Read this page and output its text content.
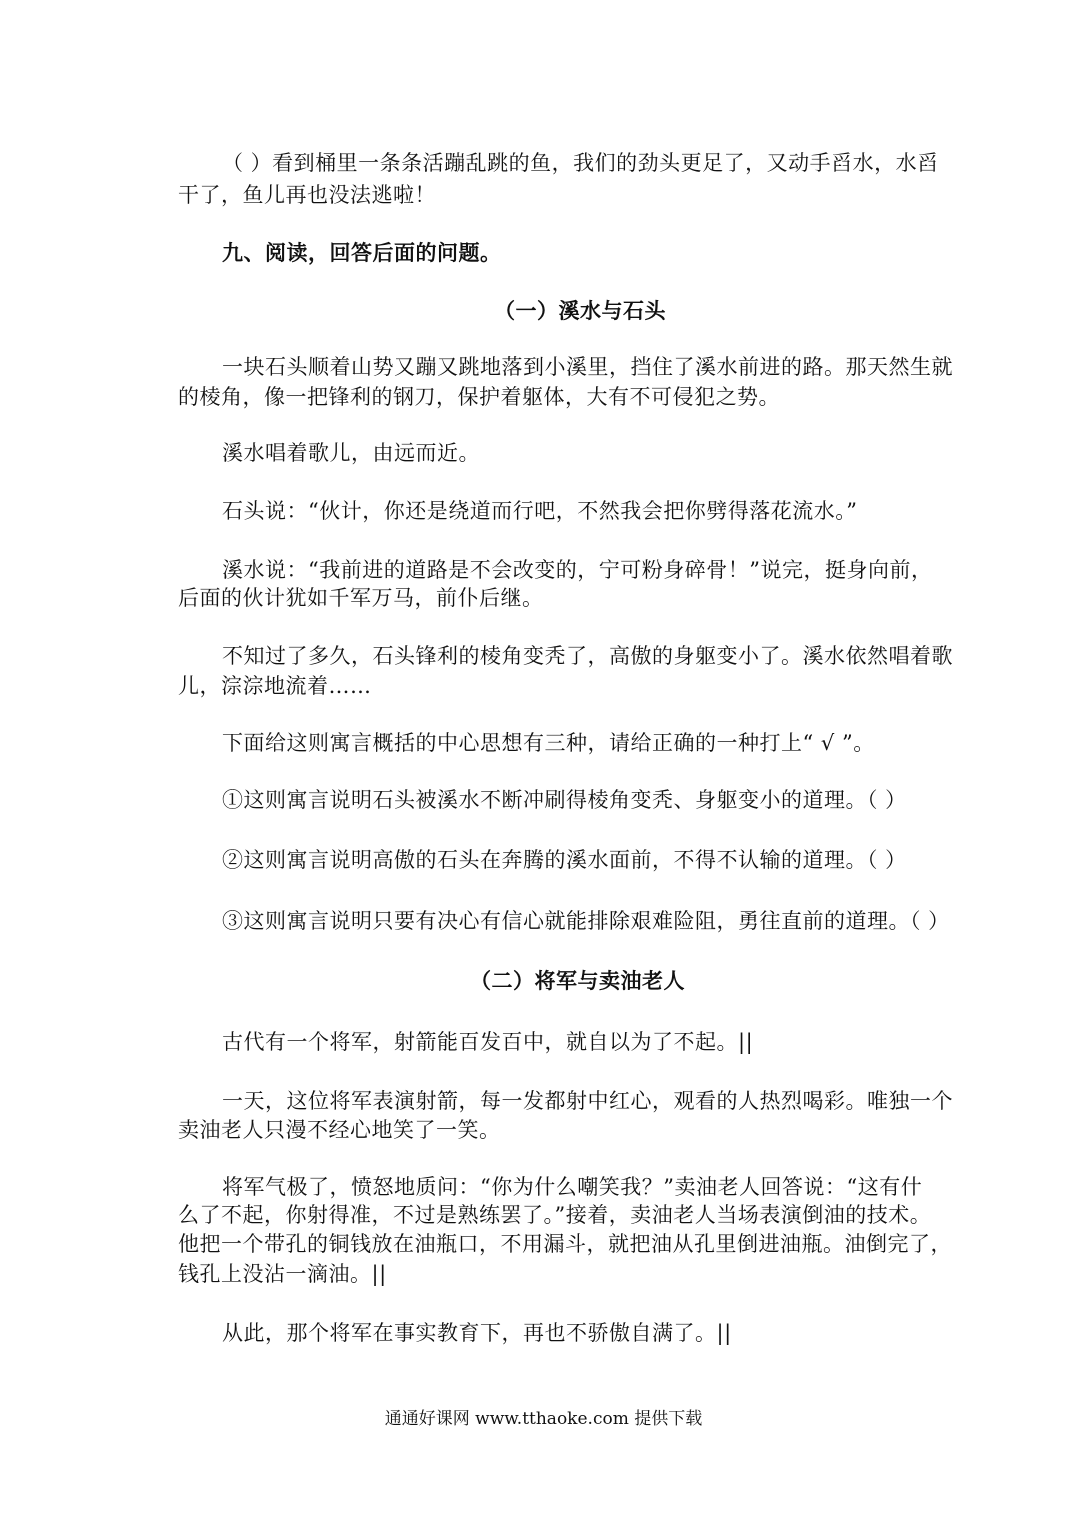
（ ）看到桶里一条条活蹦乱跳的鱼，我们的劲头更足了，又动手舀水，水舀
干了，鱼儿再也没法逃啦！
九、阅读，回答后面的问题。
（一）溪水与石头
一块石头顺着山势又蹦又跳地落到小溪里，挡住了溪水前进的路。那天然生就
的棱角，像一把锋利的钢刀，保护着躯体，大有不可侵犯之势。
溪水唱着歌儿，由远而近。
石头说：“伙计，你还是绕道而行吧，不然我会把你劈得落花流水。”
溪水说：“我前进的道路是不会改变的，宁可粉身碎骨！”说完，挺身向前，
后面的伙计犹如千军万马，前仆后继。
不知过了多久，石头锋利的棱角变秃了，高傲的身躯变小了。溪水依然唱着歌
儿，淙淙地流着……
下面给这则寓言概括的中心思想有三种，请给正确的一种打上“ √ ”。
①这则寓言说明石头被溪水不断冲刷得棱角变秃、身躯变小的道理。（ ）
②这则寓言说明高傲的石头在奔腾的溪水面前，不得不认输的道理。（ ）
③这则寓言说明只要有决心有信心就能排除艰难险阻，勇往直前的道理。（ ）
（二）将军与卖油老人
古代有一个将军，射箭能百发百中，就自以为了不起。||
一天，这位将军表演射箭，每一发都射中红心，观看的人热烈喝彩。唯独一个
卖油老人只漫不经心地笑了一笑。
将军气极了，愤怒地质问：“你为什么嘲笑我？”卖油老人回答说：“这有什
么了不起，你射得准，不过是熟练罢了。”接着，卖油老人当场表演倒油的技术。
他把一个带孔的铜钱放在油瓶口，不用漏斗，就把油从孔里倒进油瓶。油倒完了，
钱孔上没沾一滴油。||
从此，那个将军在事实教育下，再也不骄傲自满了。||
通通好课网 www.tthaoke.com 提供下载
